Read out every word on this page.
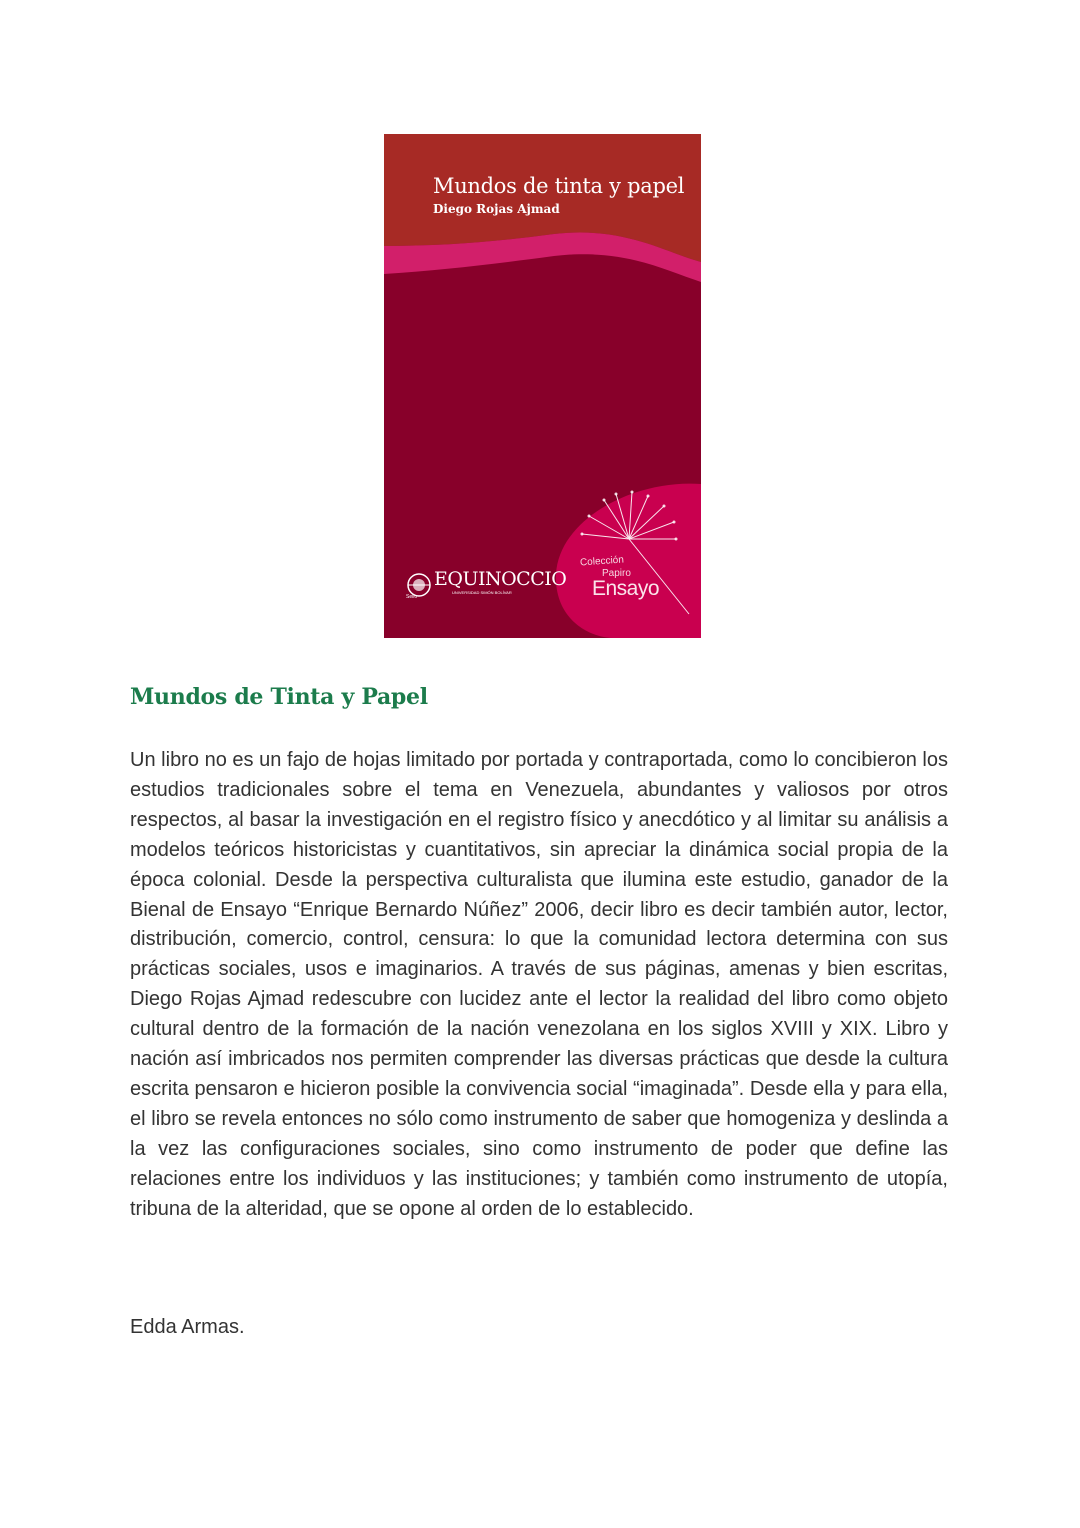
Mundos de tinta y papel
Diego Rojas Ajmad
EQUINOCCIO
UNIVERSIDAD SIMÓN BOLÍVAR
Sello
Colección
Papiro
Ensayo
Mundos de Tinta y Papel

Un libro no es un fajo de hojas limitado por portada y contraportada, como lo concibieron los estudios tradicionales sobre el tema en Venezuela, abundantes y valiosos por otros respectos, al basar la investigación en el registro físico y anecdótico y al limitar su análisis a modelos teóricos historicistas y cuantitativos, sin apreciar la dinámica social propia de la época colonial. Desde la perspectiva culturalista que ilumina este estudio, ganador de la Bienal de Ensayo “Enrique Bernardo Núñez” 2006, decir libro es decir también autor, lector, distribución, comercio, control, censura: lo que la comunidad lectora determina con sus prácticas sociales, usos e imaginarios. A través de sus páginas, amenas y bien escritas, Diego Rojas Ajmad redescubre con lucidez ante el lector la realidad del libro como objeto cultural dentro de la formación de la nación venezolana en los siglos XVIII y XIX. Libro y nación así imbricados nos permiten comprender las diversas prácticas que desde la cultura escrita pensaron e hicieron posible la convivencia social “imaginada”. Desde ella y para ella, el libro se revela entonces no sólo como instrumento de saber que homogeniza y deslinda a la vez las configuraciones sociales, sino como instrumento de poder que define las relaciones entre los individuos y las instituciones; y también como instrumento de utopía, tribuna de la alteridad, que se opone al orden de lo establecido.

Edda Armas.
